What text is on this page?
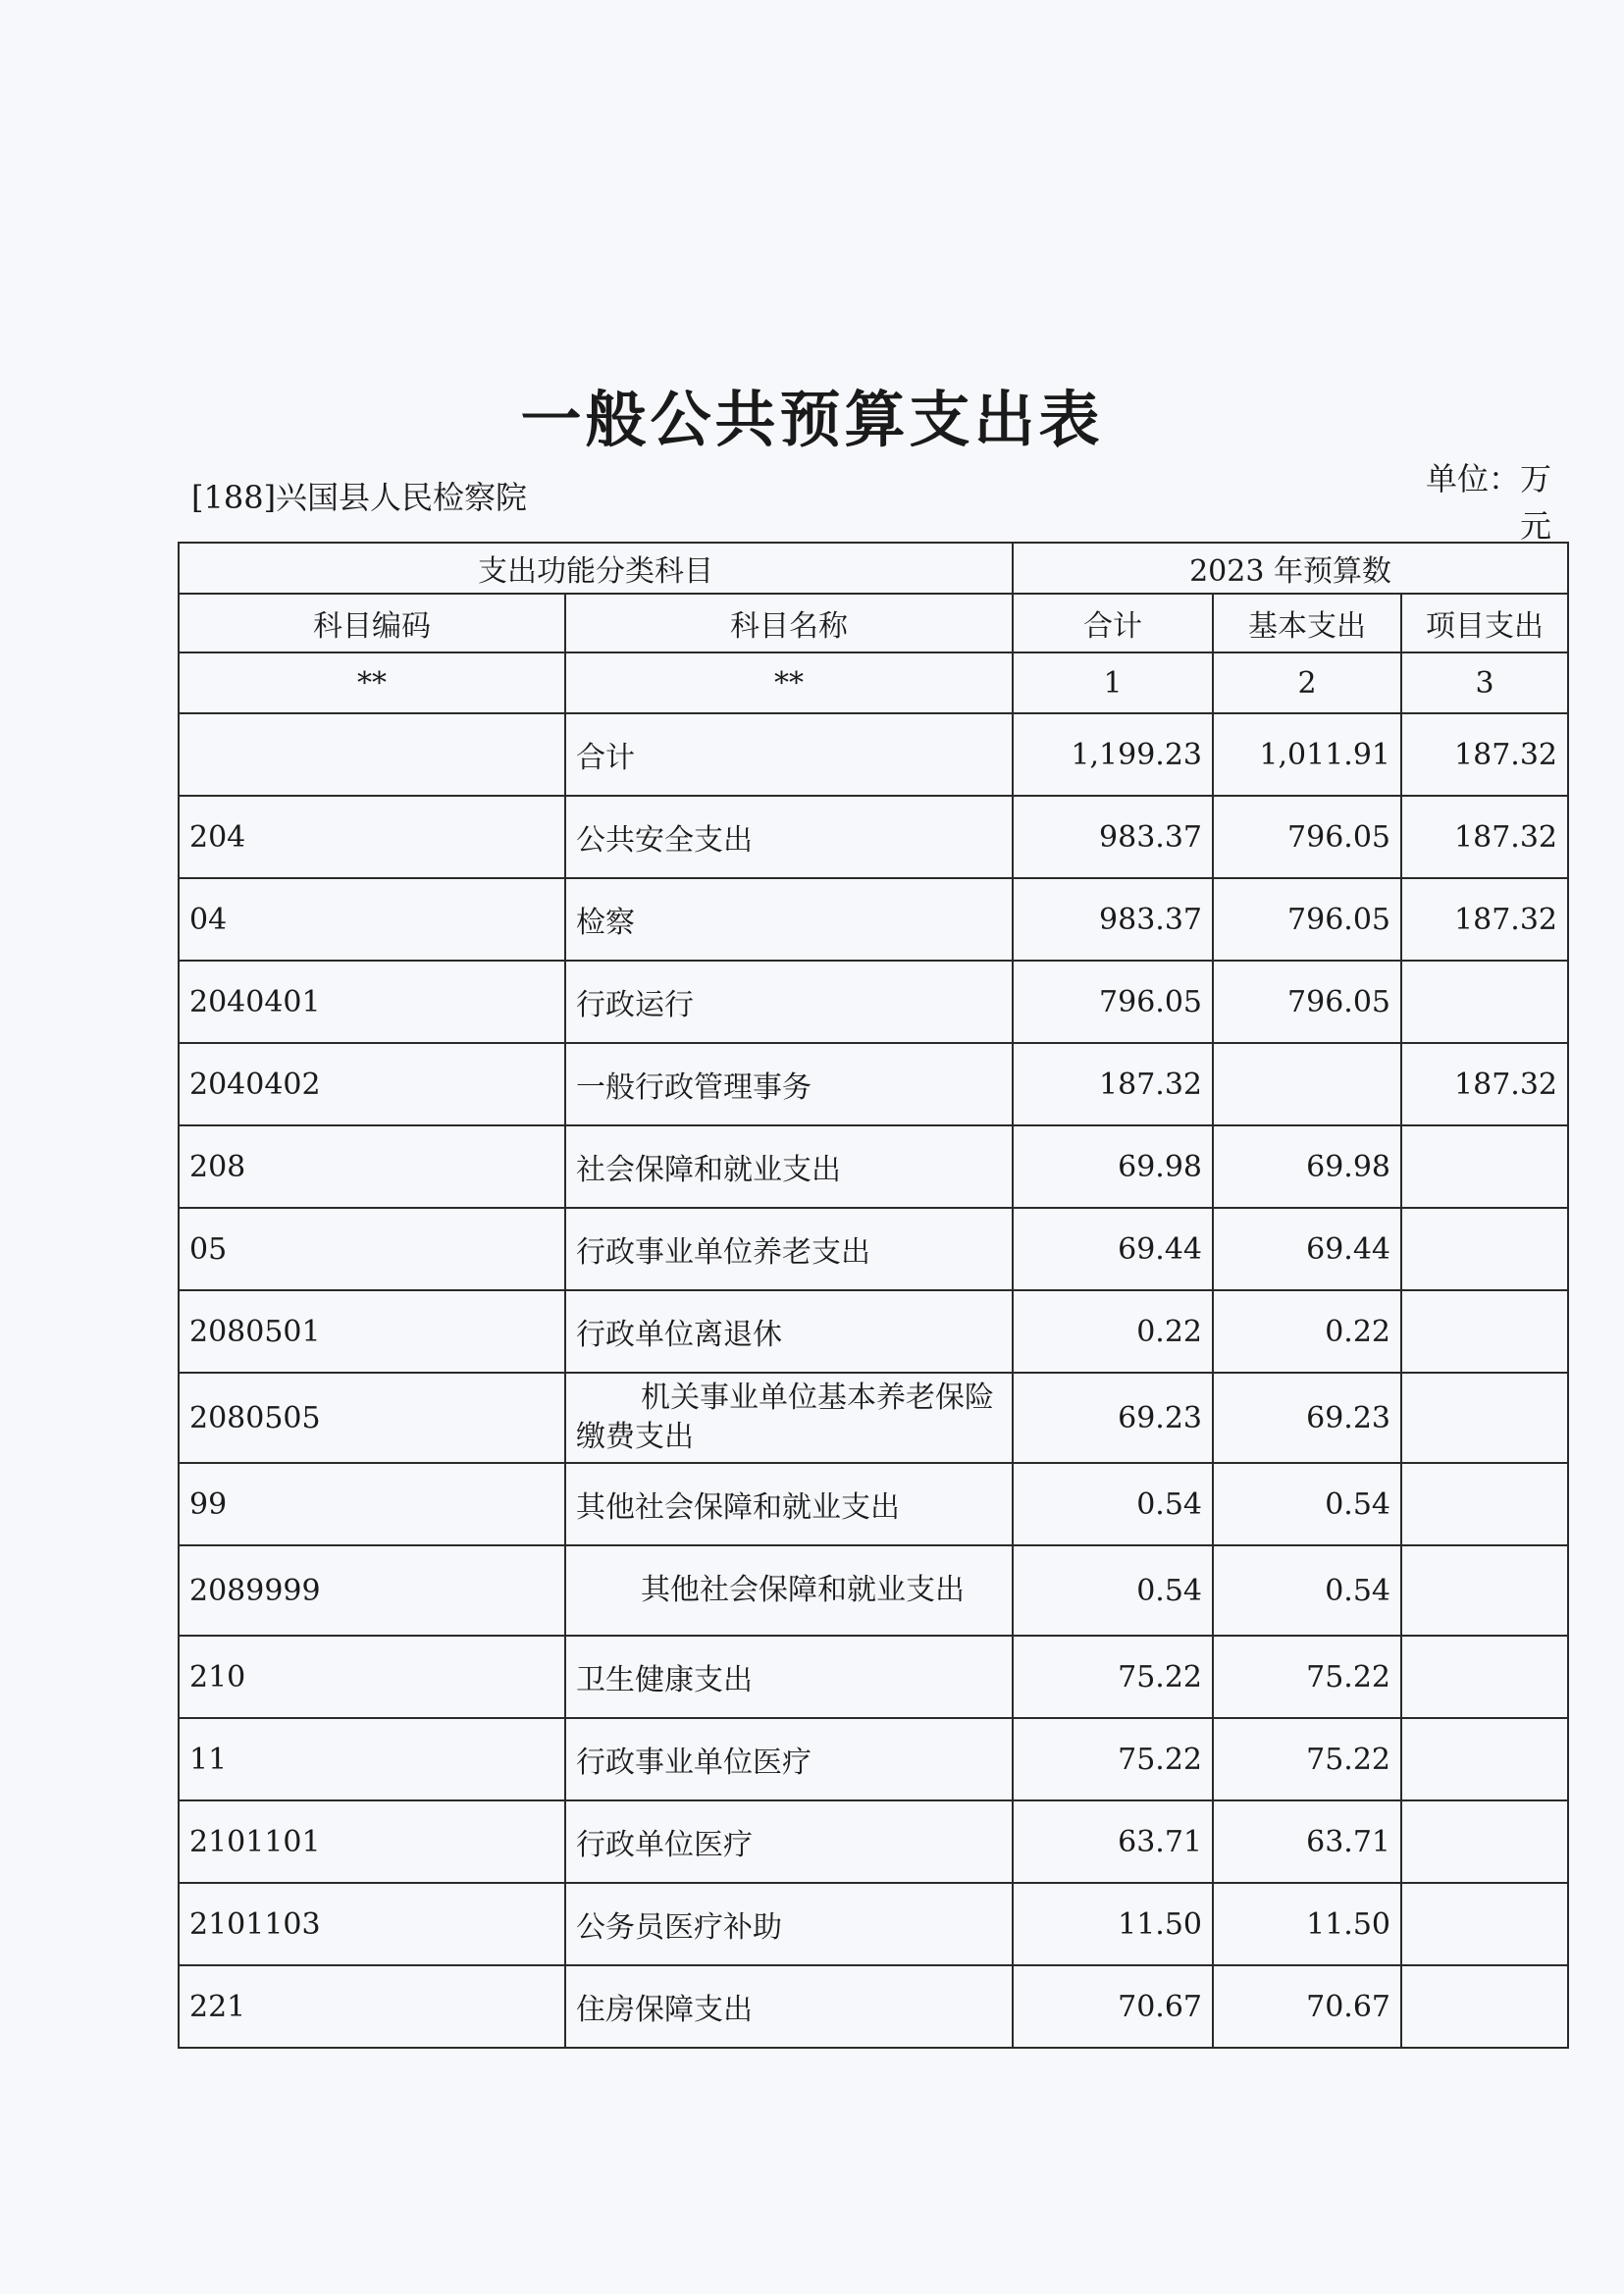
一般公共预算支出表
[188]兴国县人民检察院	单位：万元
支出功能分类科目		2023 年预算数		
科目编码	科目名称	合计	基本支出	项目支出
**	**	1	2	3
	合计	1,199.23	1,011.91	187.32
204	公共安全支出	983.37	796.05	187.32
04	检察	983.37	796.05	187.32
2040401	行政运行	796.05	796.05	
2040402	一般行政管理事务	187.32		187.32
208	社会保障和就业支出	69.98	69.98	
05	行政事业单位养老支出	69.44	69.44	
2080501	行政单位离退休	0.22	0.22	
2080505	机关事业单位基本养老保险缴费支出	69.23	69.23	
99	其他社会保障和就业支出	0.54	0.54	
2089999	其他社会保障和就业支出	0.54	0.54	
210	卫生健康支出	75.22	75.22	
11	行政事业单位医疗	75.22	75.22	
2101101	行政单位医疗	63.71	63.71	
2101103	公务员医疗补助	11.50	11.50	
221	住房保障支出	70.67	70.67	
